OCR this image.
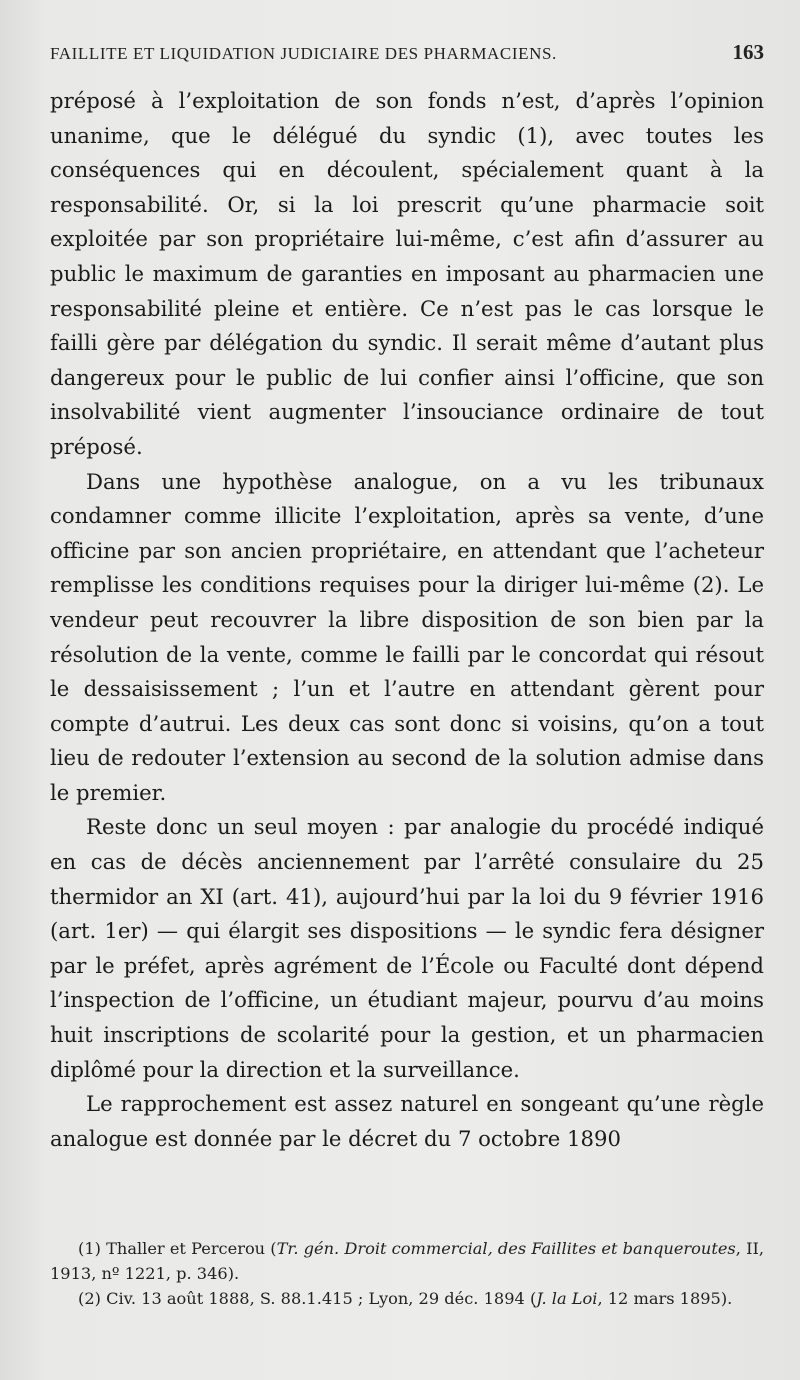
FAILLITE ET LIQUIDATION JUDICIAIRE DES PHARMACIENS.	163

préposé à l’exploitation de son fonds n’est, d’après l’opinion unanime, que le délégué du syndic (1), avec toutes les conséquences qui en découlent, spécialement quant à la responsabilité. Or, si la loi prescrit qu’une pharmacie soit exploitée par son propriétaire lui-même, c’est afin d’assurer au public le maximum de garanties en imposant au pharmacien une responsabilité pleine et entière. Ce n’est pas le cas lorsque le failli gère par délégation du syndic. Il serait même d’autant plus dangereux pour le public de lui confier ainsi l’officine, que son insolvabilité vient augmenter l’insouciance ordinaire de tout préposé.

Dans une hypothèse analogue, on a vu les tribunaux condamner comme illicite l’exploitation, après sa vente, d’une officine par son ancien propriétaire, en attendant que l’acheteur remplisse les conditions requises pour la diriger lui-même (2). Le vendeur peut recouvrer la libre disposition de son bien par la résolution de la vente, comme le failli par le concordat qui résout le dessaisissement ; l’un et l’autre en attendant gèrent pour compte d’autrui. Les deux cas sont donc si voisins, qu’on a tout lieu de redouter l’extension au second de la solution admise dans le premier.

Reste donc un seul moyen : par analogie du procédé indiqué en cas de décès anciennement par l’arrêté consulaire du 25 thermidor an XI (art. 41), aujourd’hui par la loi du 9 février 1916 (art. 1er) — qui élargit ses dispositions — le syndic fera désigner par le préfet, après agrément de l’École ou Faculté dont dépend l’inspection de l’officine, un étudiant majeur, pourvu d’au moins huit inscriptions de scolarité pour la gestion, et un pharmacien diplômé pour la direction et la surveillance.

Le rapprochement est assez naturel en songeant qu’une règle analogue est donnée par le décret du 7 octobre 1890

(1) Thaller et Percerou (Tr. gén. Droit commercial, des Faillites et banqueroutes, II, 1913, nº 1221, p. 346).

(2) Civ. 13 août 1888, S. 88.1.415 ; Lyon, 29 déc. 1894 (J. la Loi, 12 mars 1895).
